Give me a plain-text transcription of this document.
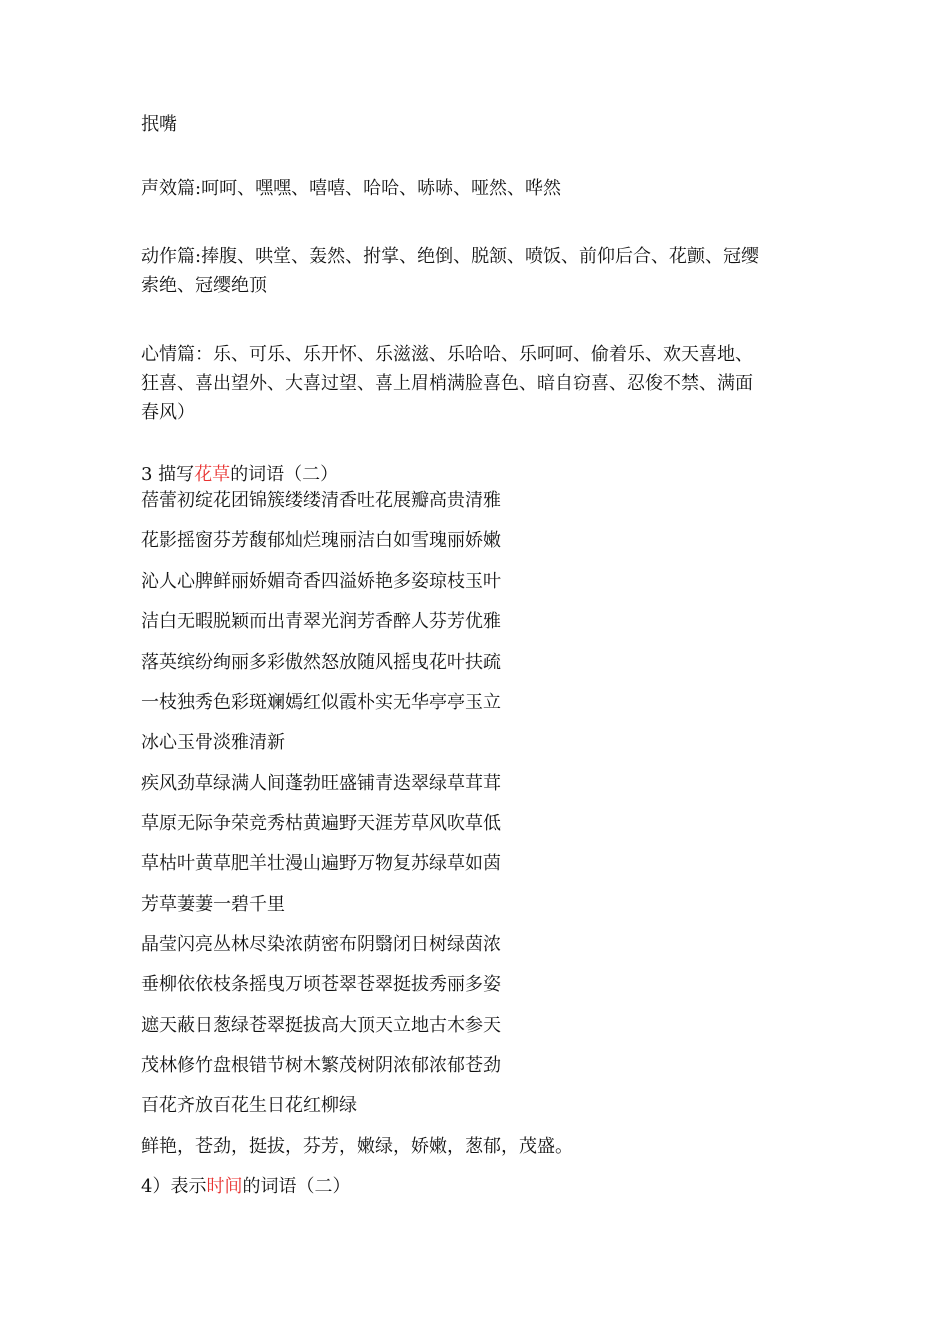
抿嘴
声效篇:呵呵、嘿嘿、嘻嘻、哈哈、哧哧、哑然、哗然
动作篇:捧腹、哄堂、轰然、拊掌、绝倒、脱颔、喷饭、前仰后合、花颤、冠缨
索绝、冠缨绝顶
心情篇：乐、可乐、乐开怀、乐滋滋、乐哈哈、乐呵呵、偷着乐、欢天喜地、
狂喜、喜出望外、大喜过望、喜上眉梢满脸喜色、暗自窃喜、忍俊不禁、满面
春风）
3 描写花草的词语（二）
蓓蕾初绽花团锦簇缕缕清香吐花展瓣高贵清雅
花影摇窗芬芳馥郁灿烂瑰丽洁白如雪瑰丽娇嫩
沁人心脾鲜丽娇媚奇香四溢娇艳多姿琼枝玉叶
洁白无暇脱颖而出青翠光润芳香醉人芬芳优雅
落英缤纷绚丽多彩傲然怒放随风摇曳花叶扶疏
一枝独秀色彩斑斓嫣红似霞朴实无华亭亭玉立
冰心玉骨淡雅清新
疾风劲草绿满人间蓬勃旺盛铺青迭翠绿草茸茸
草原无际争荣竞秀枯黄遍野天涯芳草风吹草低
草枯叶黄草肥羊壮漫山遍野万物复苏绿草如茵
芳草萋萋一碧千里
晶莹闪亮丛林尽染浓荫密布阴翳闭日树绿茵浓
垂柳依依枝条摇曳万顷苍翠苍翠挺拔秀丽多姿
遮天蔽日葱绿苍翠挺拔高大顶天立地古木参天
茂林修竹盘根错节树木繁茂树阴浓郁浓郁苍劲
百花齐放百花生日花红柳绿
鲜艳，苍劲，挺拔，芬芳，嫩绿，娇嫩，葱郁，茂盛。
4）表示时间的词语（二）
